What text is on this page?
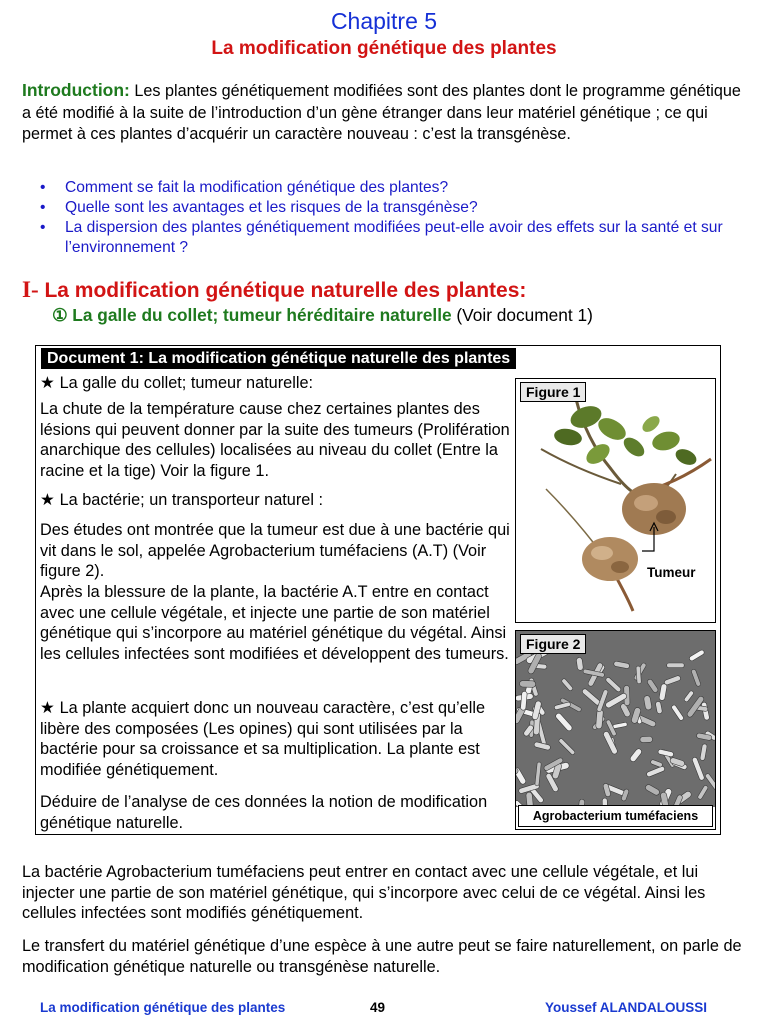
Chapitre 5
La modification génétique des plantes
Introduction: Les plantes génétiquement modifiées sont des plantes dont le programme génétique a été modifié à la suite de l’introduction d’un gène étranger dans leur matériel génétique ; ce qui permet à ces plantes d’acquérir un caractère nouveau : c’est la transgénèse.
• Comment se fait la modification génétique des plantes?
• Quelle sont les avantages et les risques de la transgénèse?
• La dispersion des plantes génétiquement modifiées peut-elle avoir des effets sur la santé et sur l’environnement ?
I- La modification génétique naturelle des plantes:
① La galle du collet; tumeur héréditaire naturelle (Voir document 1)
Document 1: La modification génétique naturelle des plantes
★ La galle du collet; tumeur naturelle:
La chute de la température cause chez certaines plantes des lésions qui peuvent donner par la suite des tumeurs (Prolifération anarchique des cellules) localisées au niveau du collet (Entre la racine et la tige) Voir la figure 1.
★ La bactérie; un transporteur naturel :
Des études ont montrée que la tumeur est due à une bactérie qui vit dans le sol, appelée Agrobacterium tuméfaciens (A.T) (Voir figure 2).
Après la blessure de la plante, la bactérie A.T entre en contact avec une cellule végétale, et injecte une partie de son matériel génétique qui s’incorpore au matériel génétique du végétal. Ainsi les cellules infectées sont modifiées et développent des tumeurs.
★ La plante acquiert donc un nouveau caractère, c’est qu’elle libère des composées (Les opines) qui sont utilisées par la bactérie pour sa croissance et sa multiplication. La plante est modifiée génétiquement.
Déduire de l’analyse de ces données la notion de modification génétique naturelle.
Figure 1
Tumeur
Figure 2
Agrobacterium tuméfaciens
La bactérie Agrobacterium tuméfaciens peut entrer en contact avec une cellule végétale, et lui injecter une partie de son matériel génétique, qui s’incorpore avec celui de ce végétal. Ainsi les cellules infectées sont modifiés génétiquement.
Le transfert du matériel génétique d’une espèce à une autre peut se faire naturellement, on parle de modification génétique naturelle ou transgénèse naturelle.
La modification génétique des plantes	49	Youssef ALANDALOUSSI
